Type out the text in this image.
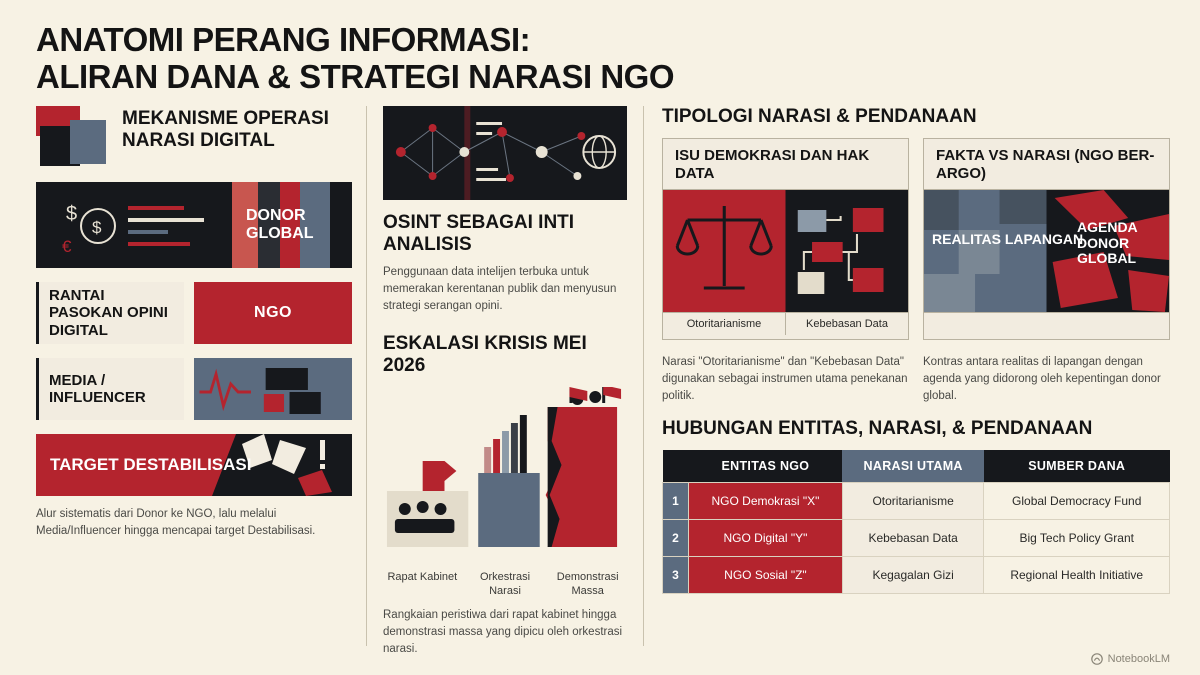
ANATOMI PERANG INFORMASI:
ALIRAN DANA & STRATEGI NARASI NGO
MEKANISME OPERASI NARASI DIGITAL
$
$
€
DONOR GLOBAL
RANTAI PASOKAN OPINI DIGITAL
NGO
MEDIA / INFLUENCER
TARGET DESTABILISASI
Alur sistematis dari Donor ke NGO, lalu melalui Media/Influencer hingga mencapai target Destabilisasi.
OSINT SEBAGAI INTI ANALISIS
Penggunaan data intelijen terbuka untuk memerakan kerentanan publik dan menyusun strategi serangan opini.
ESKALASI KRISIS MEI 2026
Rapat Kabinet	Orkestrasi Narasi
Demonstrasi Massa
Rangkaian peristiwa dari rapat kabinet hingga demonstrasi massa yang dipicu oleh orkestrasi narasi.
TIPOLOGI NARASI & PENDANAAN
ISU DEMOKRASI DAN HAK DATA
Otoritarianisme	Kebebasan Data
FAKTA VS NARASI (NGO BER-ARGO)
REALITAS LAPANGAN
AGENDA DONOR GLOBAL
Narasi "Otoritarianisme" dan "Kebebasan Data" digunakan sebagai instrumen utama penekanan politik.
Kontras antara realitas di lapangan dengan agenda yang didorong oleh kepentingan donor global.
HUBUNGAN ENTITAS, NARASI, & PENDANAAN
	ENTITAS NGO	NARASI UTAMA	SUMBER DANA
1	NGO Demokrasi "X"	Otoritarianisme	Global Democracy Fund
2	NGO Digital "Y"	Kebebasan Data	Big Tech Policy Grant
3	NGO Sosial "Z"	Kegagalan Gizi	Regional Health Initiative
NotebookLM
